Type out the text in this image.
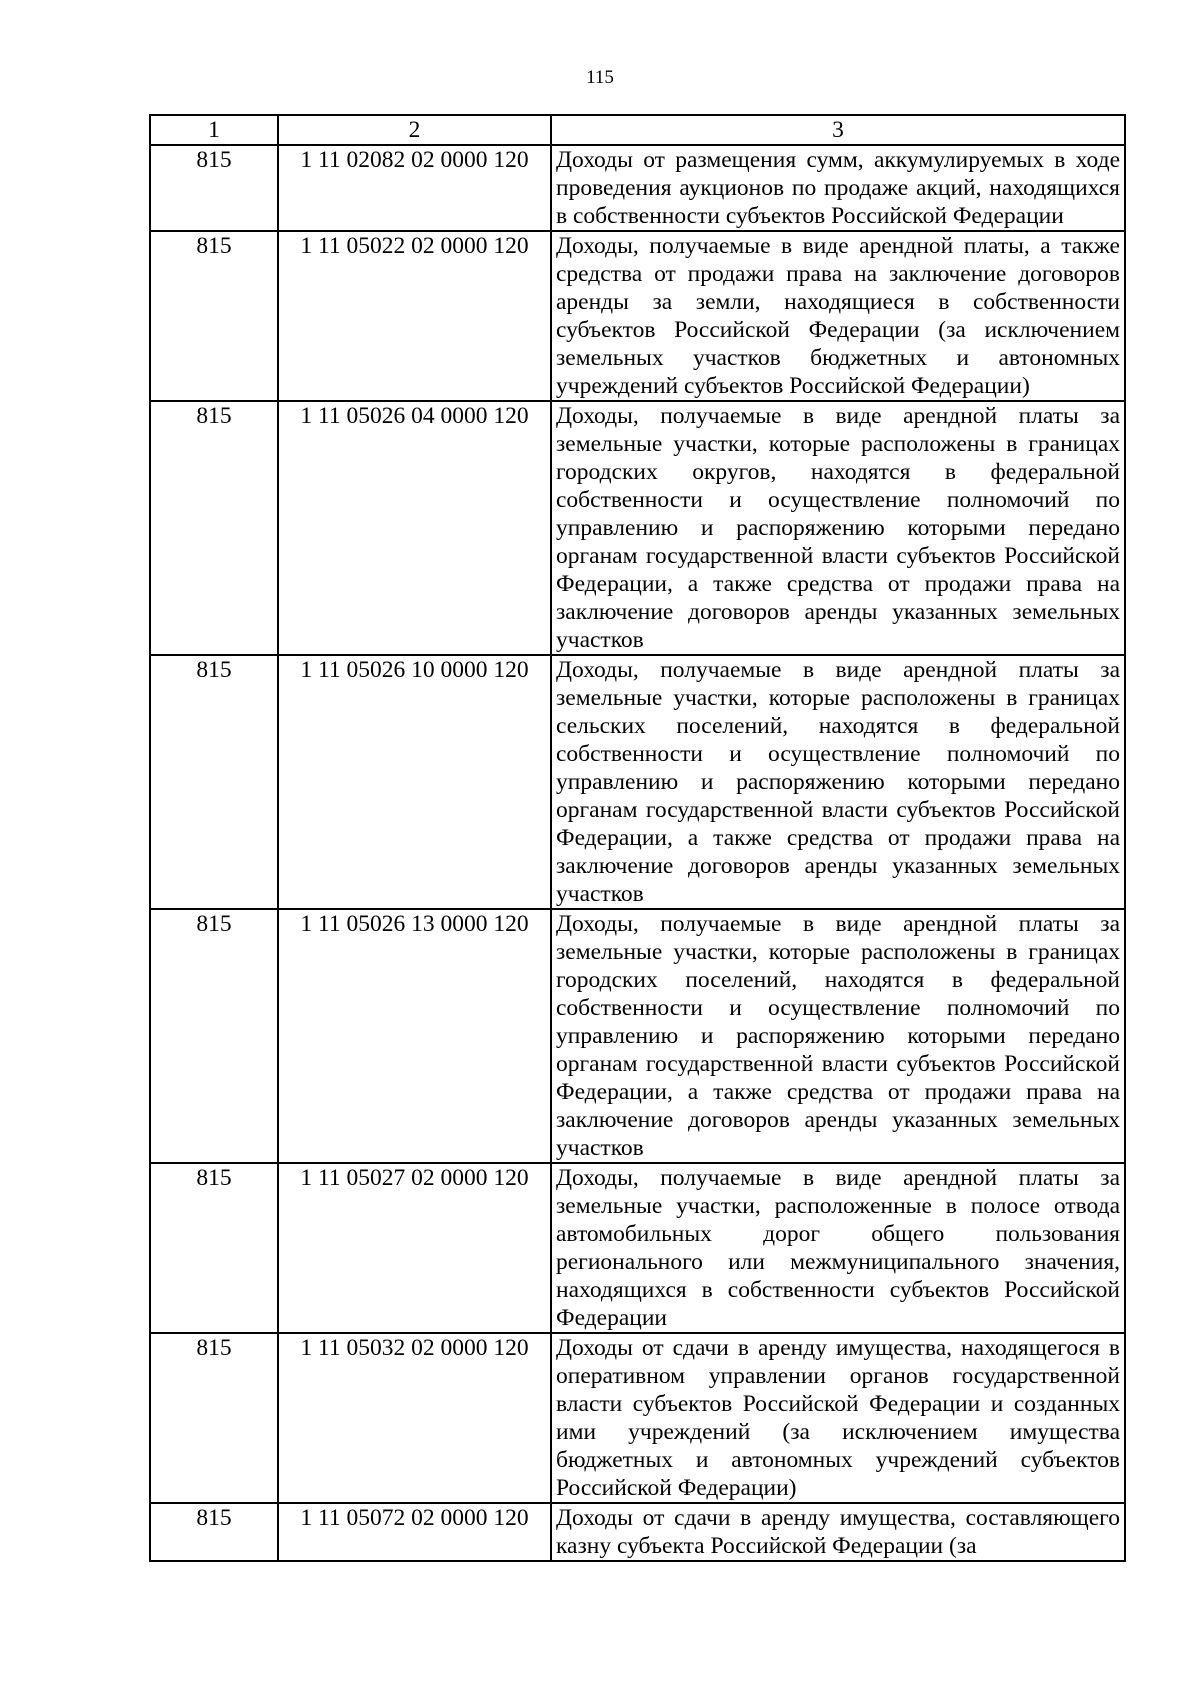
115
1	2	3
815	1 11 02082 02 0000 120	Доходы от размещения сумм, аккумулируемых в ходе проведения аукционов по продаже акций, находящихся в собственности субъектов Российской Федерации
815	1 11 05022 02 0000 120	Доходы, получаемые в виде арендной платы, а также средства от продажи права на заключение договоров аренды за земли, находящиеся в собственности субъектов Российской Федерации (за исключением земельных участков бюджетных и автономных учреждений субъектов Российской Федерации)
815	1 11 05026 04 0000 120	Доходы, получаемые в виде арендной платы за земельные участки, которые расположены в границах городских округов, находятся в федеральной собственности и осуществление полномочий по управлению и распоряжению которыми передано органам государственной власти субъектов Российской Федерации, а также средства от продажи права на заключение договоров аренды указанных земельных участков
815	1 11 05026 10 0000 120	Доходы, получаемые в виде арендной платы за земельные участки, которые расположены в границах сельских поселений, находятся в федеральной собственности и осуществление полномочий по управлению и распоряжению которыми передано органам государственной власти субъектов Российской Федерации, а также средства от продажи права на заключение договоров аренды указанных земельных участков
815	1 11 05026 13 0000 120	Доходы, получаемые в виде арендной платы за земельные участки, которые расположены в границах городских поселений, находятся в федеральной собственности и осуществление полномочий по управлению и распоряжению которыми передано органам государственной власти субъектов Российской Федерации, а также средства от продажи права на заключение договоров аренды указанных земельных участков
815	1 11 05027 02 0000 120	Доходы, получаемые в виде арендной платы за земельные участки, расположенные в полосе отвода автомобильных дорог общего пользования регионального или межмуниципального значения, находящихся в собственности субъектов Российской Федерации
815	1 11 05032 02 0000 120	Доходы от сдачи в аренду имущества, находящегося в оперативном управлении органов государственной власти субъектов Российской Федерации и созданных ими учреждений (за исключением имущества бюджетных и автономных учреждений субъектов Российской Федерации)
815	1 11 05072 02 0000 120	Доходы от сдачи в аренду имущества, составляющего казну субъекта Российской Федерации (за
